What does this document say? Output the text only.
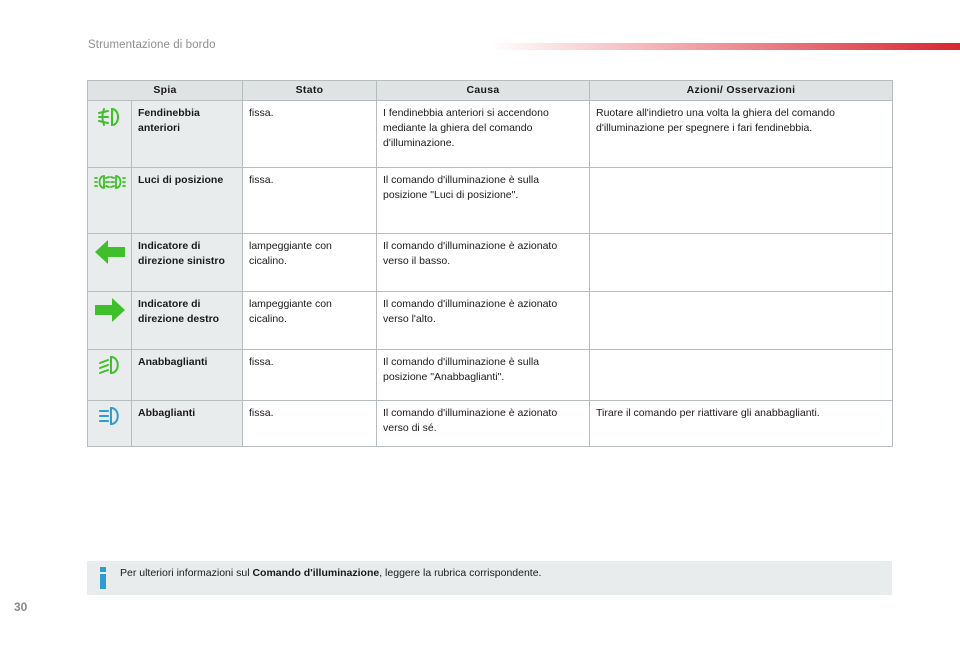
Strumentazione di bordo
Spia		Stato	Causa	Azioni/ Osservazioni

	Fendinebbia anteriori	fissa.	I fendinebbia anteriori si accendono mediante la ghiera del comando d'illuminazione.	Ruotare all'indietro una volta la ghiera del comando d'illuminazione per spegnere i fari fendinebbia.

	Luci di posizione	fissa.	Il comando d'illuminazione è sulla posizione "Luci di posizione".	

	Indicatore di direzione sinistro	lampeggiante con cicalino.	Il comando d'illuminazione è azionato verso il basso.	

	Indicatore di direzione destro	lampeggiante con cicalino.	Il comando d'illuminazione è azionato verso l'alto.	

	Anabbaglianti	fissa.	Il comando d'illuminazione è sulla posizione "Anabbaglianti".	

	Abbaglianti	fissa.	Il comando d'illuminazione è azionato verso di sé.	Tirare il comando per riattivare gli anabbaglianti.
Per ulteriori informazioni sul Comando d'illuminazione, leggere la rubrica corrispondente.
30
